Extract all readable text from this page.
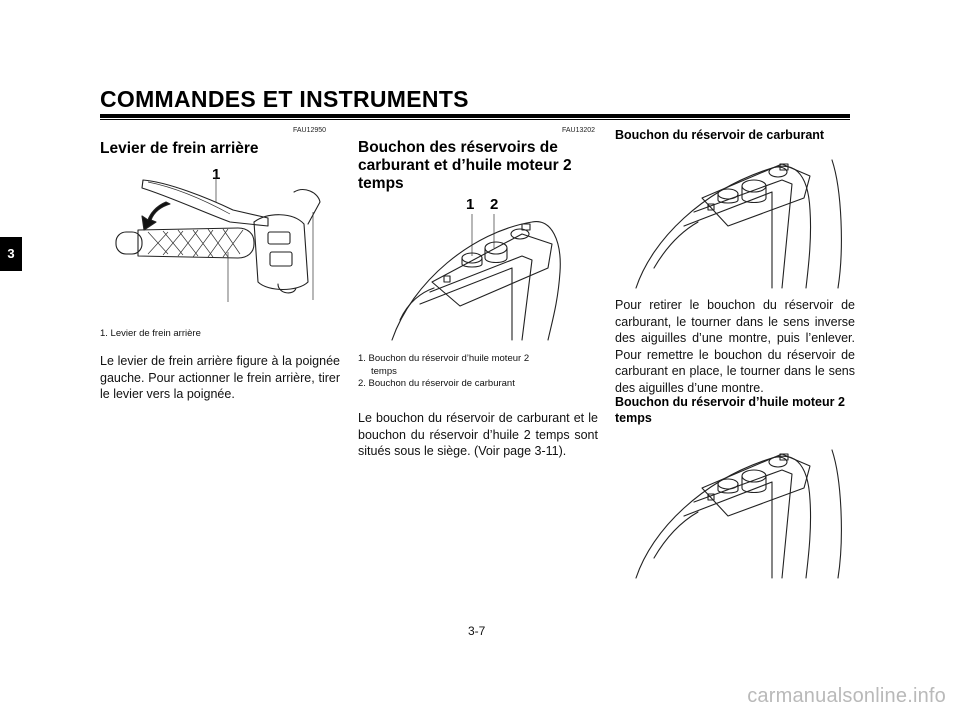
COMMANDES ET INSTRUMENTS
3
FAU12950
Levier de frein arrière
1
1. Levier de frein arrière
Le levier de frein arrière figure à la poignée gauche. Pour actionner le frein arrière, tirer le levier vers la poignée.
FAU13202
Bouchon des réservoirs de
carburant et d’huile moteur 2
temps
1 2
1. Bouchon du réservoir d’huile moteur 2
temps
2. Bouchon du réservoir de carburant
Le bouchon du réservoir de carburant et le bouchon du réservoir d’huile 2 temps sont situés sous le siège. (Voir page 3-11).
Bouchon du réservoir de carburant
Pour retirer le bouchon du réservoir de carburant, le tourner dans le sens inverse des aiguilles d’une montre, puis l’enlever. Pour remettre le bouchon du réservoir de carburant en place, le tourner dans le sens des aiguilles d’une montre.
Bouchon du réservoir d’huile moteur 2
temps
3-7
carmanualsonline.info
